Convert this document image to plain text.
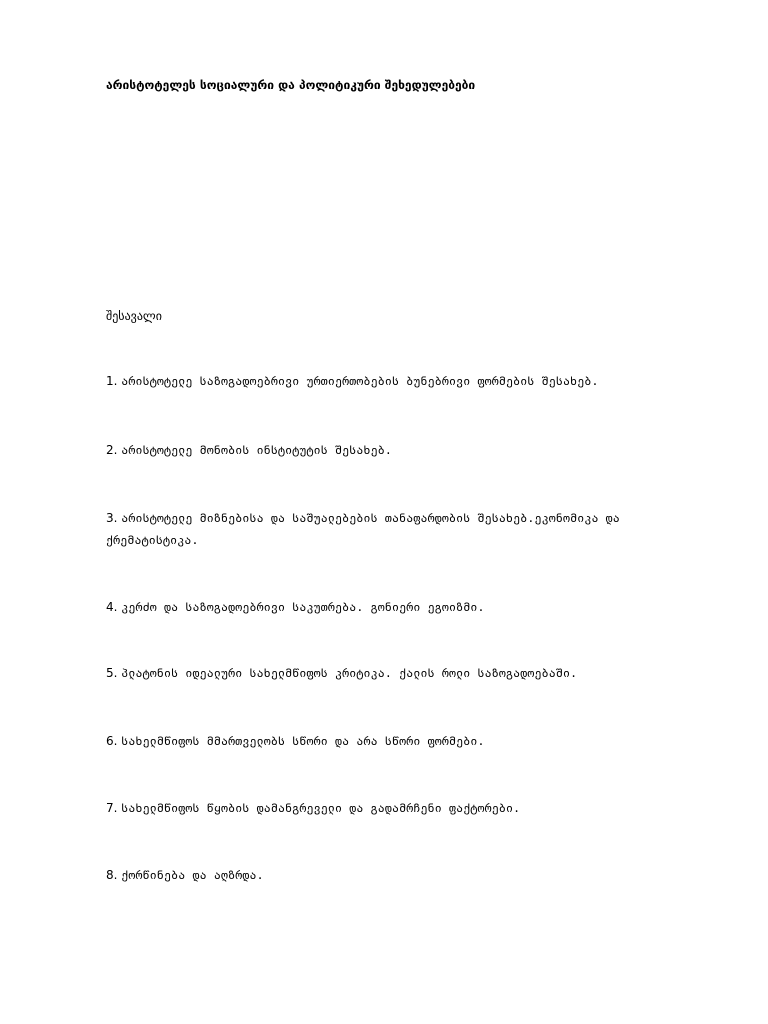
არისტოტელეს სოციალური და პოლიტიკური შეხედულებები
შესავალი
1. არისტოტელე საზოგადოებრივი ურთიერთობების ბუნებრივი ფორმების შესახებ.
2. არისტოტელე მონობის ინსტიტუტის შესახებ.
3. არისტოტელე მიზნებისა და საშუალებების თანაფარდობის შესახებ.ეკონომიკა და ქრემატისტიკა.
4. კერძო და საზოგადოებრივი საკუთრება. გონიერი ეგოიზმი.
5. პლატონის იდეალური სახელმწიფოს კრიტიკა. ქალის როლი საზოგადოებაში.
6. სახელმწიფოს მმართველობს სწორი და არა სწორი ფორმები.
7. სახელმწიფოს წყობის დამანგრეველი და გადამრჩენი ფაქტორები.
8. ქორწინება და აღზრდა.
